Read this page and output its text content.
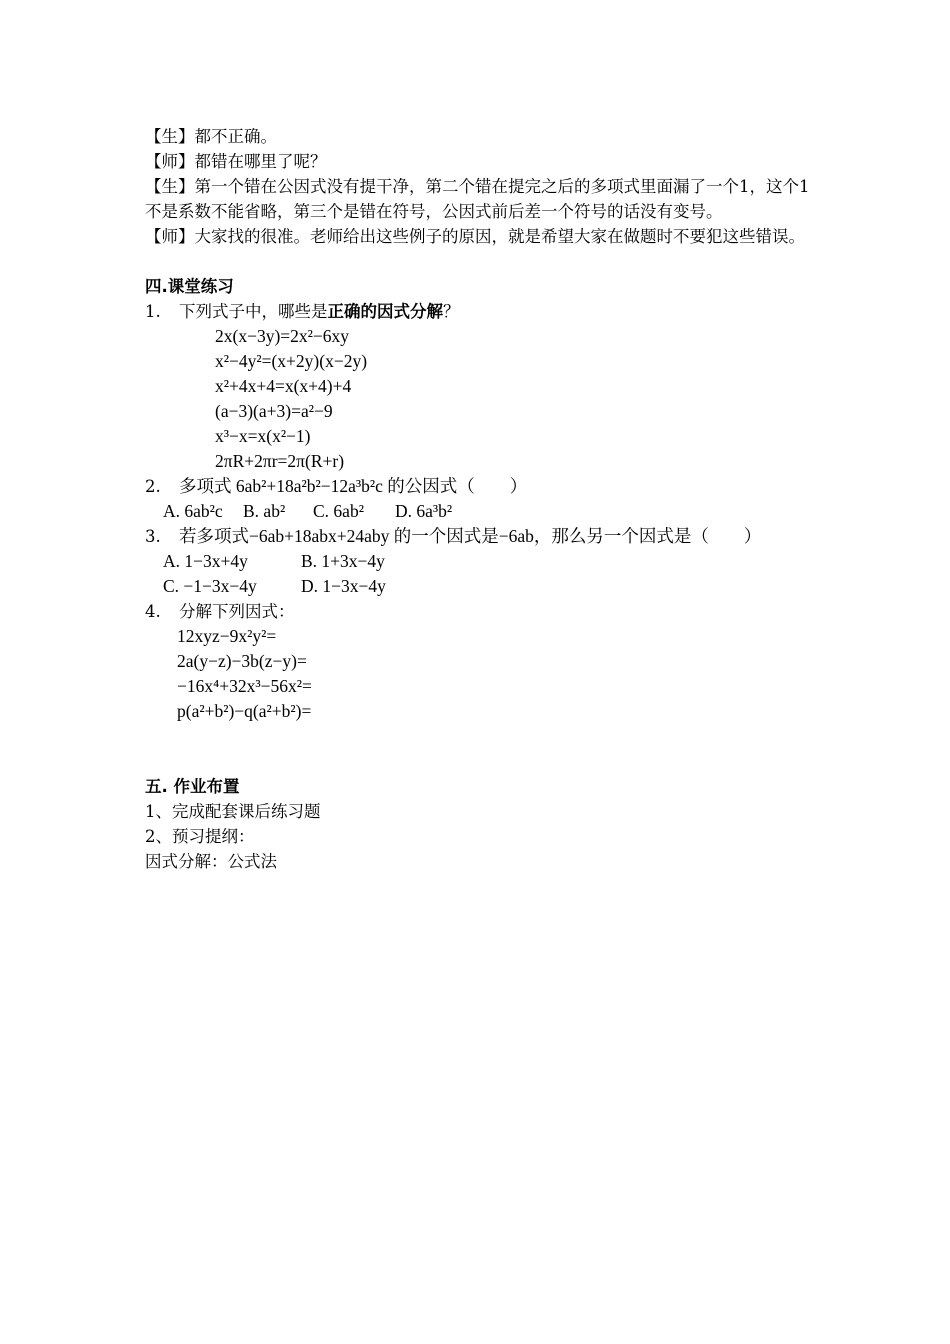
【生】都不正确。
【师】都错在哪里了呢？
【生】第一个错在公因式没有提干净，第二个错在提完之后的多项式里面漏了一个1，这个1不是系数不能省略，第三个是错在符号，公因式前后差一个符号的话没有变号。
【师】大家找的很准。老师给出这些例子的原因，就是希望大家在做题时不要犯这些错误。
四.课堂练习
1. 下列式子中，哪些是正确的因式分解？
2x(x−3y)=2x²−6xy
x²−4y²=(x+2y)(x−2y)
x²+4x+4=x(x+4)+4
(a−3)(a+3)=a²−9
x³−x=x(x²−1)
2πR+2πr=2π(R+r)
2. 多项式 6ab²+18a²b²−12a³b²c 的公因式（　　）
A. 6ab²c B. ab² C. 6ab² D. 6a³b²
3. 若多项式−6ab+18abx+24aby 的一个因式是−6ab，那么另一个因式是（　　）
A. 1−3x+4y	B. 1+3x−4y
C. −1−3x−4y	D. 1−3x−4y
4. 分解下列因式：
12xyz−9x²y²=
2a(y−z)−3b(z−y)=
−16x⁴+32x³−56x²=
p(a²+b²)−q(a²+b²)=
五. 作业布置
1、完成配套课后练习题
2、预习提纲：
因式分解：公式法
